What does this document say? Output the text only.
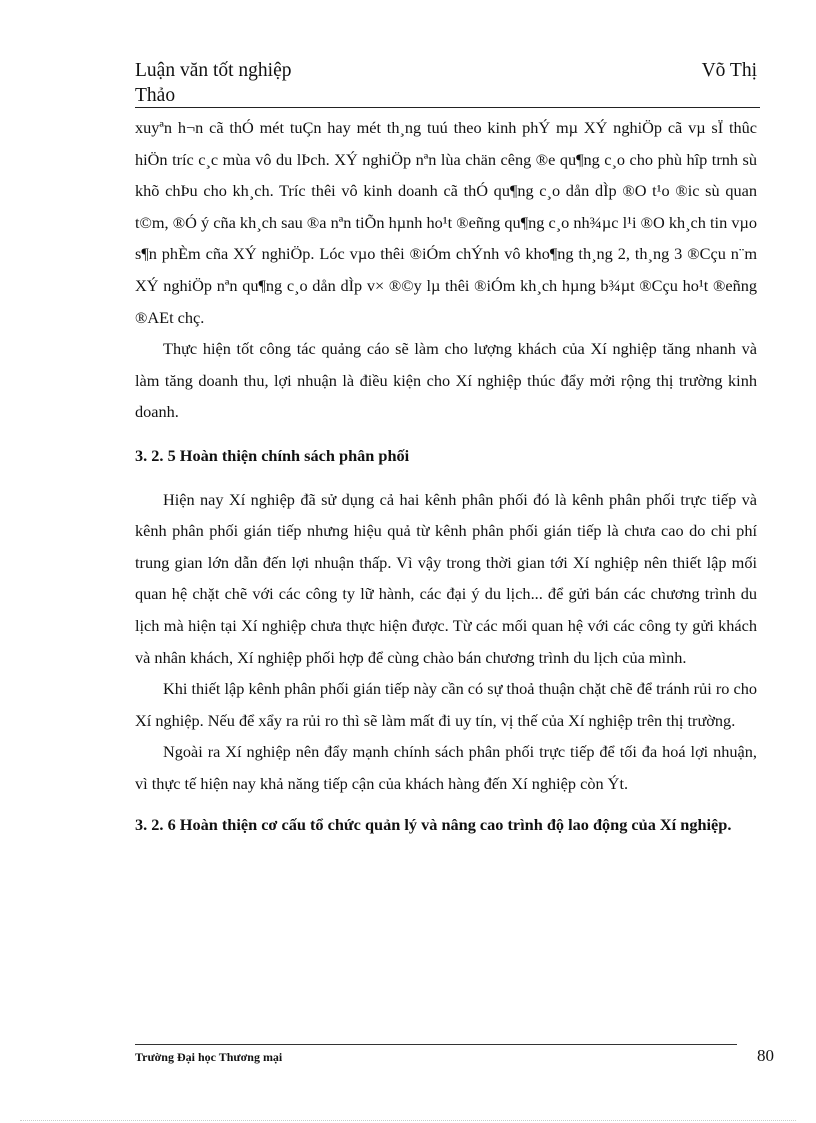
Luận văn tốt nghiệp
Thảo
Võ Thị

xuyªn h¬n cã thÓ mét tuÇn hay mét th¸ng tuú theo kinh phÝ mµ XÝ nghiÖp cã vµ sÏ thûc hiÖn tríc c¸c mùa vô du lÞch. XÝ nghiÖp nªn lùa chän cêng ®e qu¶ng c¸o cho phù hîp trnh sù khõ chÞu cho kh¸ch. Tríc thêi vô kinh doanh cã thÓ qu¶ng c¸o dån dÌp ®O t¹o ®ic sù quan t©m, ®Ó ý cña kh¸ch sau ®a nªn tiÕn hµnh ho¹t ®eñng qu¶ng c¸o nh¾µc l¹i ®O kh¸ch tin vµo s¶n phÈm cña XÝ nghiÖp. Lóc vµo thêi ®iÓm chÝnh vô kho¶ng th¸ng 2, th¸ng 3 ®Cçu n¨m XÝ nghiÖp nªn qu¶ng c¸o dån dÌp v× ®©y lµ thêi ®iÓm kh¸ch hµng b¾µt ®Cçu ho¹t ®eñng ®AEt chç.

Thực hiện tốt công tác quảng cáo sẽ làm cho lượng khách của Xí nghiệp tăng nhanh và làm tăng doanh thu, lợi nhuận là điều kiện cho Xí nghiệp thúc đẩy mởi rộng thị trường kinh doanh.

3. 2. 5 Hoàn thiện chính sách phân phối

Hiện nay Xí nghiệp đã sử dụng cả hai kênh phân phối đó là kênh phân phối trực tiếp và kênh phân phối gián tiếp nhưng hiệu quả từ kênh phân phối gián tiếp là chưa cao do chi phí trung gian lớn dẫn đến lợi nhuận thấp. Vì vậy trong thời gian tới Xí nghiệp nên thiết lập mối quan hệ chặt chẽ với các công ty lữ hành, các đại ý du lịch... để gửi bán các chương trình du lịch mà hiện tại Xí nghiệp chưa thực hiện được. Từ các mối quan hệ với các công ty gửi khách và nhân khách, Xí nghiệp phối hợp để cùng chào bán chương trình du lịch của mình.

Khi thiết lập kênh phân phối gián tiếp này cần có sự thoả thuận chặt chẽ để tránh rủi ro cho Xí nghiệp. Nếu để xẩy ra rủi ro thì sẽ làm mất đi uy tín, vị thế của Xí nghiệp trên thị trường.

Ngoài ra Xí nghiệp nên đẩy mạnh chính sách phân phối trực tiếp để tối đa hoá lợi nhuận, vì thực tế hiện nay khả năng tiếp cận của khách hàng đến Xí nghiệp còn Ýt.

3. 2. 6 Hoàn thiện cơ cấu tổ chức quản lý và nâng cao trình độ lao động của Xí nghiệp.

Trường Đại học Thương mại	80
